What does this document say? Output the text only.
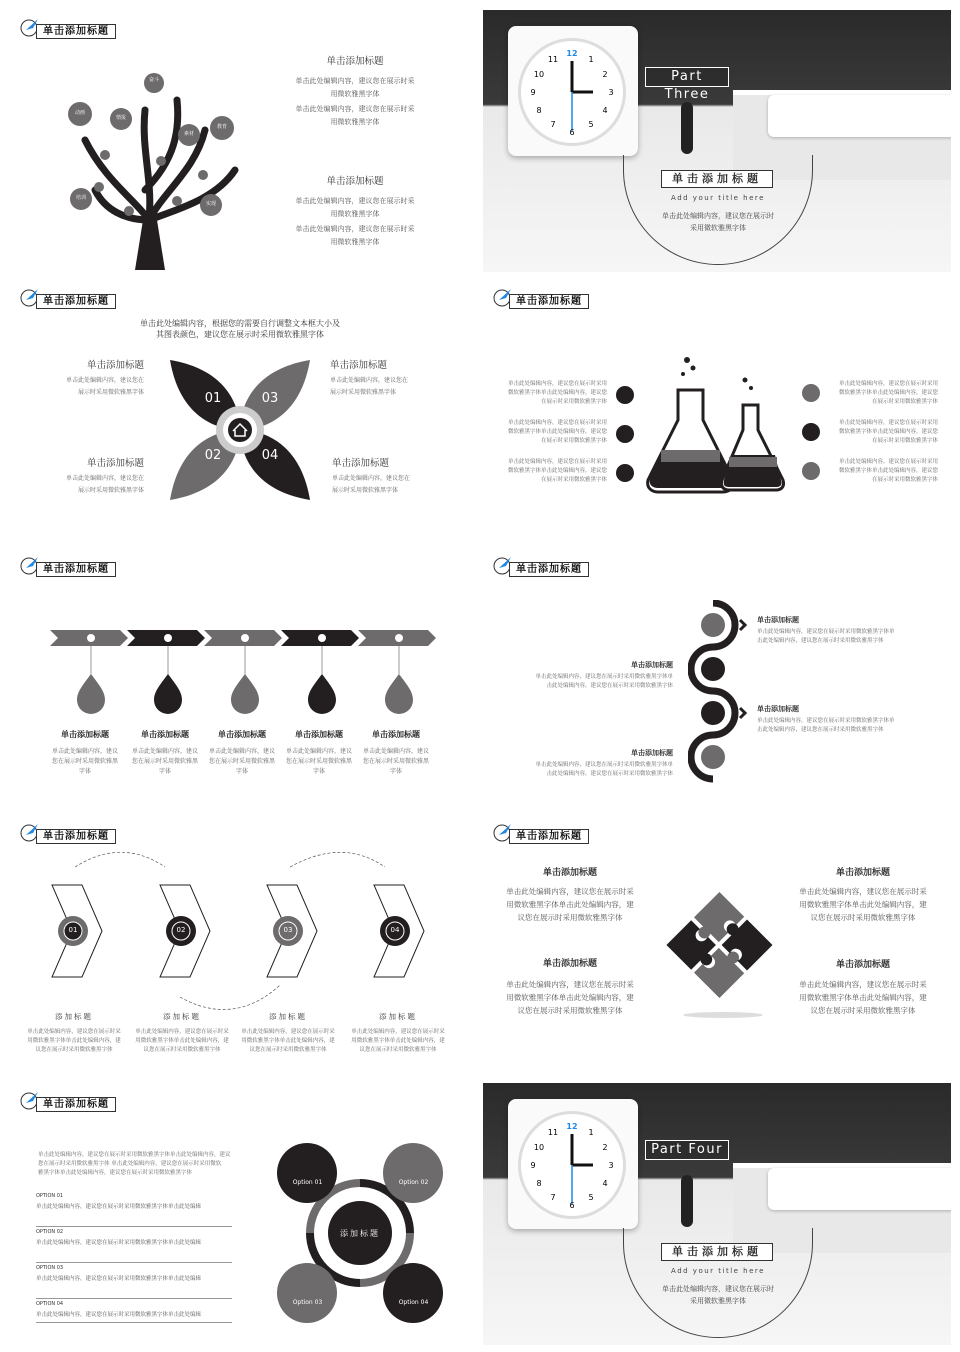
单击添加标题
奋斗
动画
情报
素材
教育
培训
实现
单击添加标题
单击此处编辑内容，建议您在展示时采
用微软雅黑字体
单击此处编辑内容，建议您在展示时采
用微软雅黑字体
单击添加标题
单击此处编辑内容，建议您在展示时采
用微软雅黑字体
单击此处编辑内容，建议您在展示时采
用微软雅黑字体
12
1
2
3
4
5
6
7
8
9
10
11
Part Three
单击添加标题
Add your title here
单击此处编辑内容，建议您在展示时
采用微软雅黑字体
单击添加标题
单击此处编辑内容，根据您的需要自行调整文本框大小及
其图表颜色，建议您在展示时采用微软雅黑字体
01	03
02	04
单击添加标题
单击此处编辑内容，建议您在
展示时采用微软雅黑字体
单击添加标题
单击此处编辑内容，建议您在
展示时采用微软雅黑字体
单击添加标题
单击此处编辑内容，建议您在
展示时采用微软雅黑字体
单击添加标题
单击此处编辑内容，建议您在
展示时采用微软雅黑字体
单击添加标题
单击此处编辑内容，建议您在展示时采用
微软雅黑字体单击此处编辑内容，建议您
在展示时采用微软雅黑字体
单击此处编辑内容，建议您在展示时采用
微软雅黑字体单击此处编辑内容，建议您
在展示时采用微软雅黑字体
单击此处编辑内容，建议您在展示时采用
微软雅黑字体单击此处编辑内容，建议您
在展示时采用微软雅黑字体
单击此处编辑内容，建议您在展示时采用
微软雅黑字体单击此处编辑内容，建议您
在展示时采用微软雅黑字体
单击此处编辑内容，建议您在展示时采用
微软雅黑字体单击此处编辑内容，建议您
在展示时采用微软雅黑字体
单击此处编辑内容，建议您在展示时采用
微软雅黑字体单击此处编辑内容，建议您
在展示时采用微软雅黑字体
单击添加标题
单击添加标题
单击此处编辑内容，建议
您在展示时采用微软雅黑
字体
单击添加标题
单击此处编辑内容，建议
您在展示时采用微软雅黑
字体
单击添加标题
单击此处编辑内容，建议
您在展示时采用微软雅黑
字体
单击添加标题
单击此处编辑内容，建议
您在展示时采用微软雅黑
字体
单击添加标题
单击此处编辑内容，建议
您在展示时采用微软雅黑
字体
单击添加标题
单击添加标题
单击此处编辑内容，建议您在展示时采用微软雅黑字体单
击此处编辑内容，建议您在展示时采用微软雅黑字体
单击添加标题
单击此处编辑内容，建议您在展示时采用微软雅黑字体单
击此处编辑内容，建议您在展示时采用微软雅黑字体
单击添加标题
单击此处编辑内容，建议您在展示时采用微软雅黑字体单
击此处编辑内容，建议您在展示时采用微软雅黑字体
单击添加标题
单击此处编辑内容，建议您在展示时采用微软雅黑字体单
击此处编辑内容，建议您在展示时采用微软雅黑字体
单击添加标题
01	02	03	04
添加标题
单击此处编辑内容，建议您在展示时采
用微软雅黑字体单击此处编辑内容，建
议您在展示时采用微软雅黑字体
添加标题
单击此处编辑内容，建议您在展示时采
用微软雅黑字体单击此处编辑内容，建
议您在展示时采用微软雅黑字体
添加标题
单击此处编辑内容，建议您在展示时采
用微软雅黑字体单击此处编辑内容，建
议您在展示时采用微软雅黑字体
添加标题
单击此处编辑内容，建议您在展示时采
用微软雅黑字体单击此处编辑内容，建
议您在展示时采用微软雅黑字体
单击添加标题
单击添加标题
单击此处编辑内容，建议您在展示时采
用微软雅黑字体单击此处编辑内容，建
议您在展示时采用微软雅黑字体
单击添加标题
单击此处编辑内容，建议您在展示时采
用微软雅黑字体单击此处编辑内容，建
议您在展示时采用微软雅黑字体
单击添加标题
单击此处编辑内容，建议您在展示时采
用微软雅黑字体单击此处编辑内容，建
议您在展示时采用微软雅黑字体
单击添加标题
单击此处编辑内容，建议您在展示时采
用微软雅黑字体单击此处编辑内容，建
议您在展示时采用微软雅黑字体
单击添加标题
单击此处编辑内容，建议您在展示时采用微软雅黑字体单击此处编辑内容，建议
您在展示时采用微软雅黑字体 单击此处编辑内容，建议您在展示时采用微软
雅黑字体单击此处编辑内容，建议您在展示时采用微软雅黑字体
OPTION 01
单击此处编辑内容，建议您在展示时采用微软雅黑字体单击此处编辑
OPTION 02
单击此处编辑内容，建议您在展示时采用微软雅黑字体单击此处编辑
OPTION 03
单击此处编辑内容，建议您在展示时采用微软雅黑字体单击此处编辑
OPTION 04
单击此处编辑内容，建议您在展示时采用微软雅黑字体单击此处编辑
添加标题
Option 01	Option 02
Option 03	Option 04
12
1
2
3
4
5
6
7
8
9
10
11
Part Four
单击添加标题
Add your title here
单击此处编辑内容，建议您在展示时
采用微软雅黑字体
